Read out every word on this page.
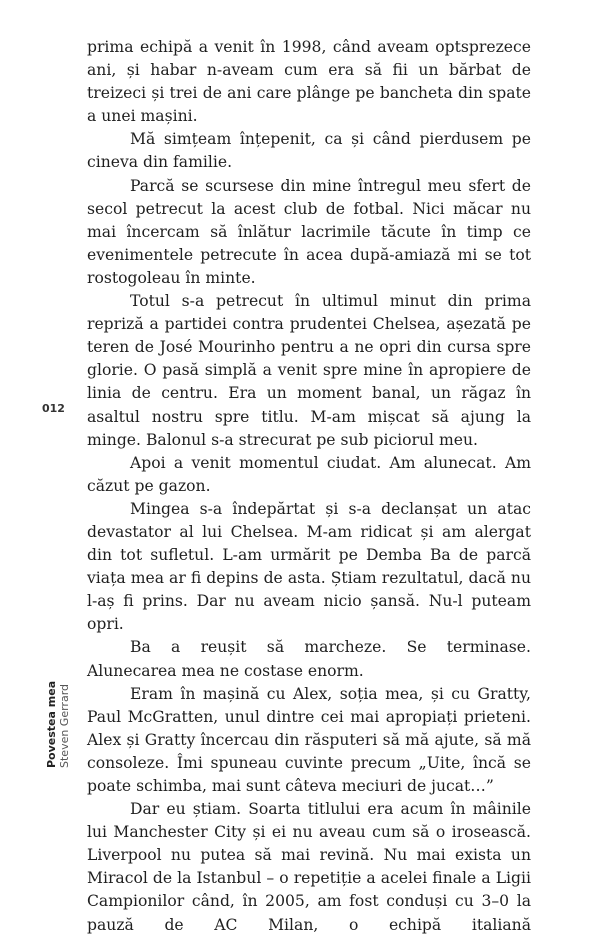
prima echipă a venit în 1998, când aveam optsprezece ani, și habar n-aveam cum era să fii un bărbat de treizeci și trei de ani care plânge pe bancheta din spate a unei mașini.

Mă simțeam înțepenit, ca și când pierdusem pe cineva din familie.

Parcă se scursese din mine întregul meu sfert de secol petrecut la acest club de fotbal. Nici măcar nu mai încercam să înlătur lacrimile tăcute în timp ce evenimentele petrecute în acea după-amiază mi se tot rostogoleau în minte.

Totul s-a petrecut în ultimul minut din prima repriză a partidei contra prudentei Chelsea, așezată pe teren de José Mourinho pentru a ne opri din cursa spre glorie. O pasă simplă a venit spre mine în apropiere de linia de centru. Era un moment banal, un răgaz în asaltul nostru spre titlu. M-am mișcat să ajung la minge. Balonul s-a strecurat pe sub piciorul meu.

Apoi a venit momentul ciudat. Am alunecat. Am căzut pe gazon.

Mingea s-a îndepărtat și s-a declanșat un atac devastator al lui Chelsea. M-am ridicat și am alergat din tot sufletul. L-am urmărit pe Demba Ba de parcă viața mea ar fi depins de asta. Știam rezultatul, dacă nu l-aș fi prins. Dar nu aveam nicio șansă. Nu-l puteam opri.

Ba a reușit să marcheze. Se terminase. Alunecarea mea ne costase enorm.

Eram în mașină cu Alex, soția mea, și cu Gratty, Paul McGratten, unul dintre cei mai apropiați prieteni. Alex și Gratty încercau din răsputeri să mă ajute, să mă consoleze. Îmi spuneau cuvinte precum „Uite, încă se poate schimba, mai sunt câteva meciuri de jucat…”

Dar eu știam. Soarta titlului era acum în mâinile lui Manchester City și ei nu aveau cum să o irosească. Liverpool nu putea să mai revină. Nu mai exista un Miracol de la Istanbul – o repetiție a acelei finale a Ligii Campionilor când, în 2005, am fost conduși cu 3–0 la pauză de AC Milan, o echipă italiană

012
Povestea mea Steven Gerrard
